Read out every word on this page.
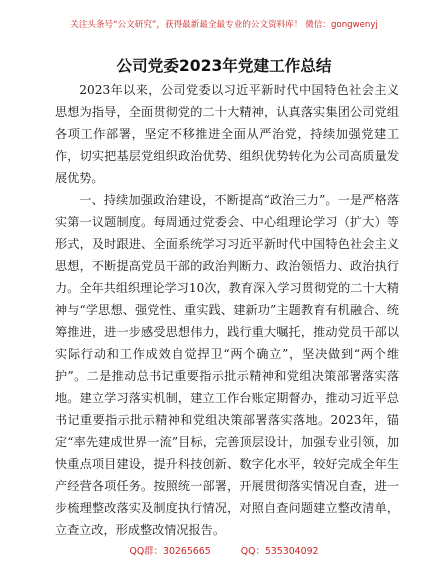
关注头条号“公文研究”，获得最新最全最专业的公文资料库！ 微信：gongwenyj
公司党委2023年党建工作总结

2023年以来，公司党委以习近平新时代中国特色社会主义思想为指导，全面贯彻党的二十大精神，认真落实集团公司党组各项工作部署，坚定不移推进全面从严治党，持续加强党建工作，切实把基层党组织政治优势、组织优势转化为公司高质量发展优势。

一、持续加强政治建设，不断提高“政治三力”。一是严格落实第一议题制度。每周通过党委会、中心组理论学习（扩大）等形式，及时跟进、全面系统学习习近平新时代中国特色社会主义思想，不断提高党员干部的政治判断力、政治领悟力、政治执行力。全年共组织理论学习10次，教育深入学习贯彻党的二十大精神与“学思想、强党性、重实践、建新功”主题教育有机融合、统筹推进，进一步感受思想伟力，践行重大嘱托，推动党员干部以实际行动和工作成效自觉捍卫“两个确立”，坚决做到“两个维护”。二是推动总书记重要指示批示精神和党组决策部署落实落地。建立学习落实机制，建立工作台账定期督办，推动习近平总书记重要指示批示精神和党组决策部署落实落地。2023年，锚定“率先建成世界一流”目标，完善顶层设计，加强专业引领，加快重点项目建设，提升科技创新、数字化水平，较好完成全年生产经营各项任务。按照统一部署，开展贯彻落实情况自查，进一步梳理整改落实及制度执行情况，对照自查问题建立整改清单，立查立改，形成整改情况报告。

QQ群：30265665	QQ：535304092
